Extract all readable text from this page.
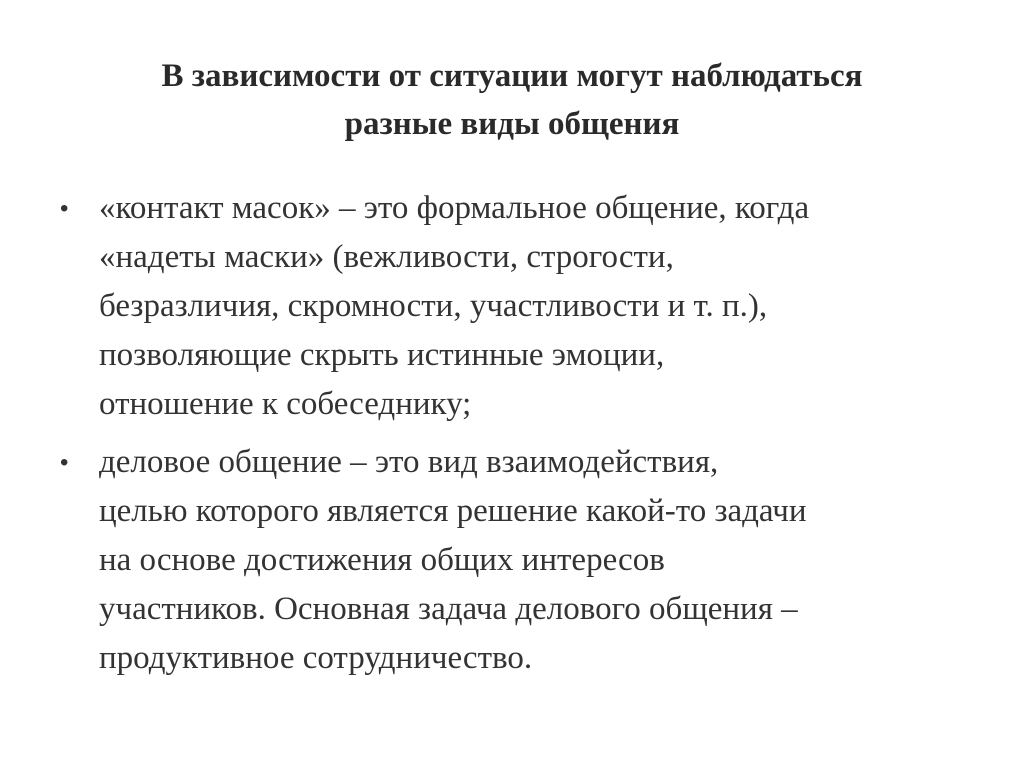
В зависимости от ситуации могут наблюдаться
разные виды общения
• «контакт масок» – это формальное общение, когда
«надеты маски» (вежливости, строгости,
безразличия, скромности, участливости и т. п.),
позволяющие скрыть истинные эмоции,
отношение к собеседнику;
• деловое общение – это вид взаимодействия,
целью которого является решение какой-то задачи
на основе достижения общих интересов
участников. Основная задача делового общения –
продуктивное сотрудничество.
